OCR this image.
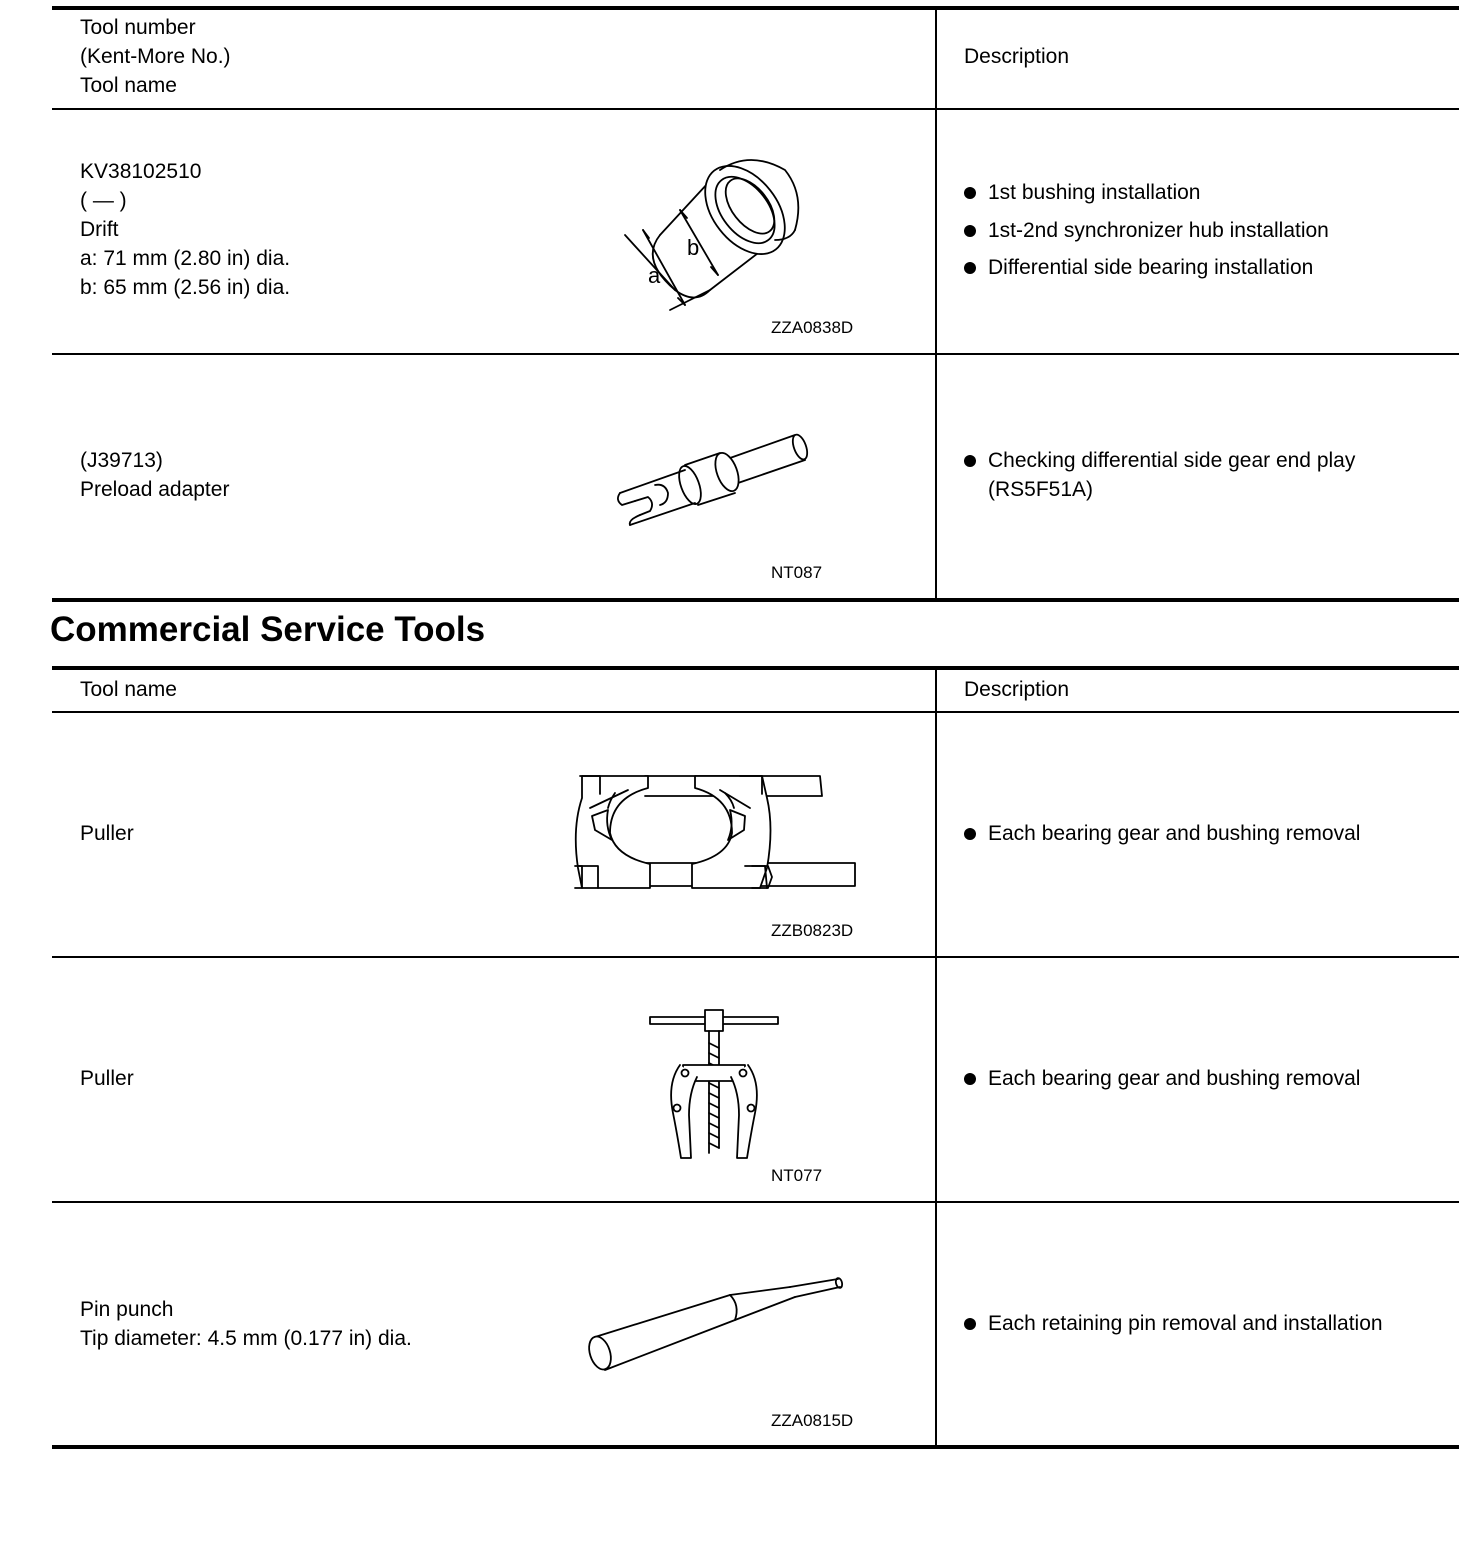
Tool number
(Kent-More No.)
Tool name
Description
KV38102510
( — )
Drift
a: 71 mm (2.80 in) dia.
b: 65 mm (2.56 in) dia.	a
b
ZZA0838D
1st bushing installation
1st-2nd synchronizer hub installation
Differential side bearing installation
(J39713)
Preload adapter
NT087
Checking differential side gear end play
(RS5F51A)
Commercial Service Tools
Tool name	Description
Puller
ZZB0823D
Each bearing gear and bushing removal
Puller
NT077
Each bearing gear and bushing removal
Pin punch
Tip diameter: 4.5 mm (0.177 in) dia.
ZZA0815D
Each retaining pin removal and installation
